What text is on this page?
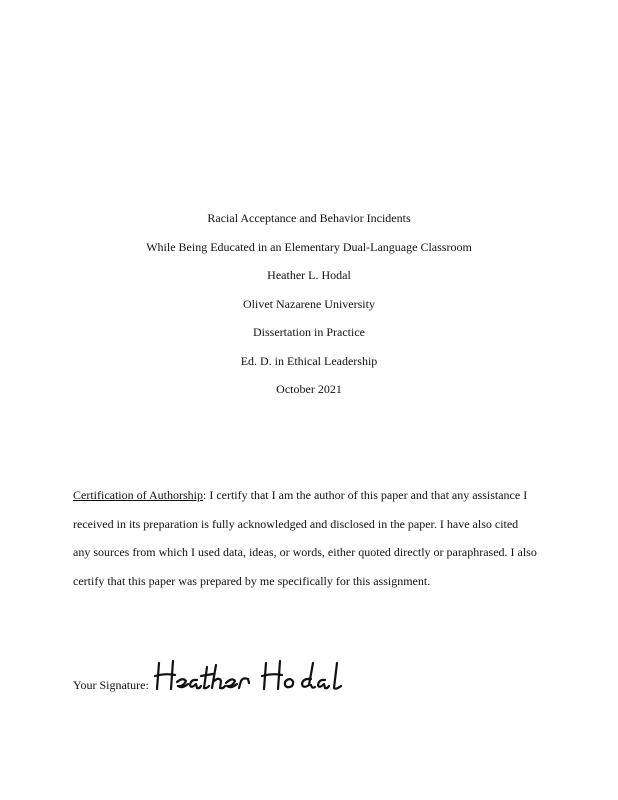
Racial Acceptance and Behavior Incidents
While Being Educated in an Elementary Dual-Language Classroom
Heather L. Hodal
Olivet Nazarene University
Dissertation in Practice
Ed. D. in Ethical Leadership
October 2021
Certification of Authorship: I certify that I am the author of this paper and that any assistance I
received in its preparation is fully acknowledged and disclosed in the paper. I have also cited
any sources from which I used data, ideas, or words, either quoted directly or paraphrased. I also
certify that this paper was prepared by me specifically for this assignment.
Your Signature:
